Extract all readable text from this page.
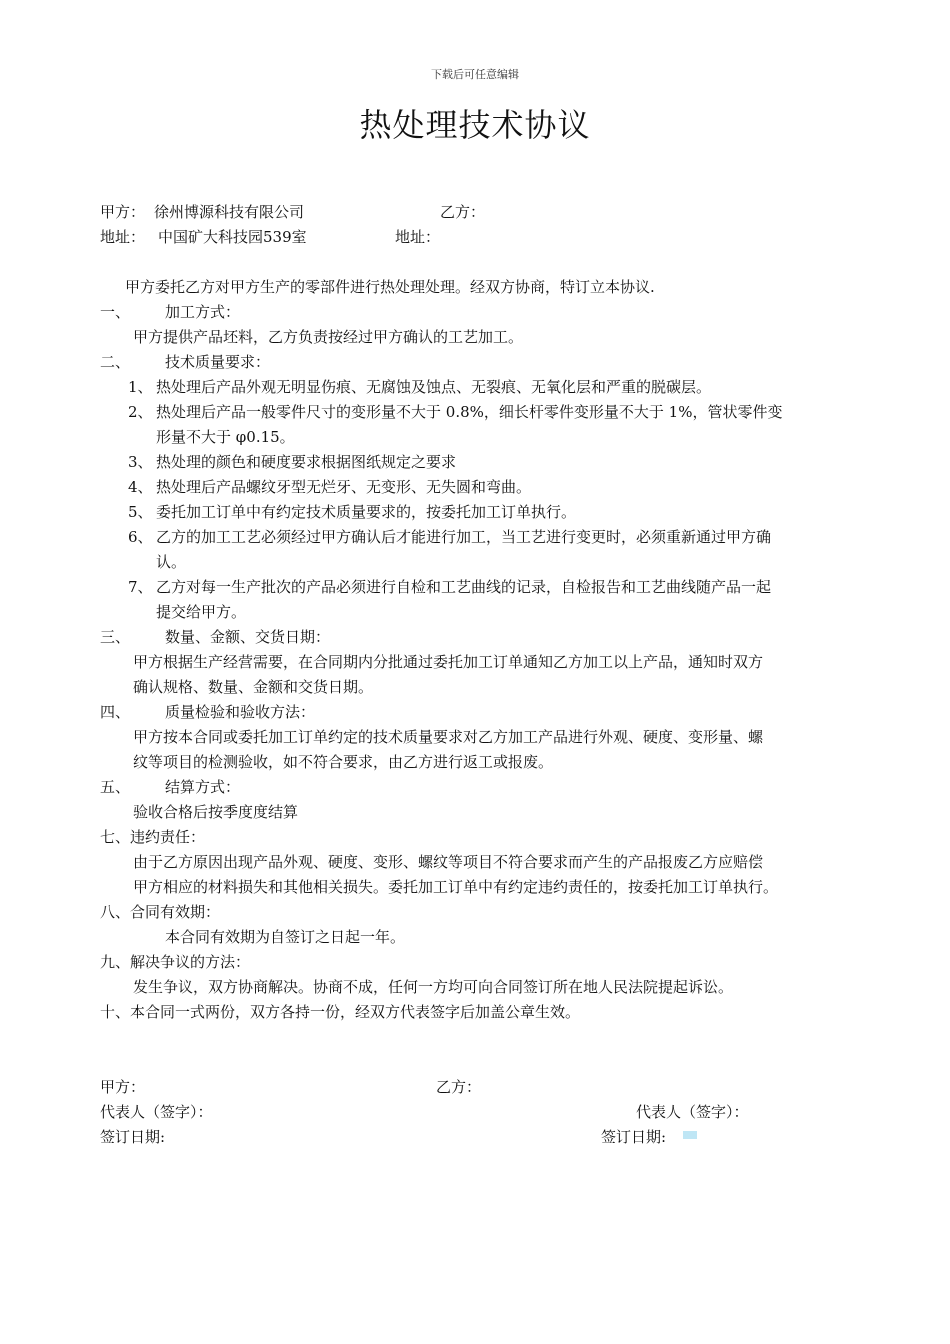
下载后可任意编辑
热处理技术协议
甲方： 徐州博源科技有限公司	乙方：
地址： 中国矿大科技园539室	地址：
甲方委托乙方对甲方生产的零部件进行热处理处理。经双方协商，特订立本协议.
一、 加工方式：
甲方提供产品坯料，乙方负责按经过甲方确认的工艺加工。
二、 技术质量要求：
1、 热处理后产品外观无明显伤痕、无腐蚀及蚀点、无裂痕、无氧化层和严重的脱碳层。
2、 热处理后产品一般零件尺寸的变形量不大于 0.8%，细长杆零件变形量不大于 1%，管状零件变
形量不大于 φ0.15。
3、 热处理的颜色和硬度要求根据图纸规定之要求
4、 热处理后产品螺纹牙型无烂牙、无变形、无失圆和弯曲。
5、 委托加工订单中有约定技术质量要求的，按委托加工订单执行。
6、 乙方的加工工艺必须经过甲方确认后才能进行加工，当工艺进行变更时，必须重新通过甲方确
认。
7、 乙方对每一生产批次的产品必须进行自检和工艺曲线的记录，自检报告和工艺曲线随产品一起
提交给甲方。
三、 数量、金额、交货日期：
甲方根据生产经营需要，在合同期内分批通过委托加工订单通知乙方加工以上产品，通知时双方
确认规格、数量、金额和交货日期。
四、 质量检验和验收方法：
甲方按本合同或委托加工订单约定的技术质量要求对乙方加工产品进行外观、硬度、变形量、螺
纹等项目的检测验收，如不符合要求，由乙方进行返工或报废。
五、 结算方式：
验收合格后按季度度结算
七、违约责任：
由于乙方原因出现产品外观、硬度、变形、螺纹等项目不符合要求而产生的产品报废乙方应赔偿
甲方相应的材料损失和其他相关损失。委托加工订单中有约定违约责任的，按委托加工订单执行。
八、合同有效期：
本合同有效期为自签订之日起一年。
九、解决争议的方法：
发生争议，双方协商解决。协商不成，任何一方均可向合同签订所在地人民法院提起诉讼。
十、本合同一式两份，双方各持一份，经双方代表签字后加盖公章生效。
甲方：	乙方：
代表人（签字）：	代表人（签字）：
签订日期:	签订日期:
